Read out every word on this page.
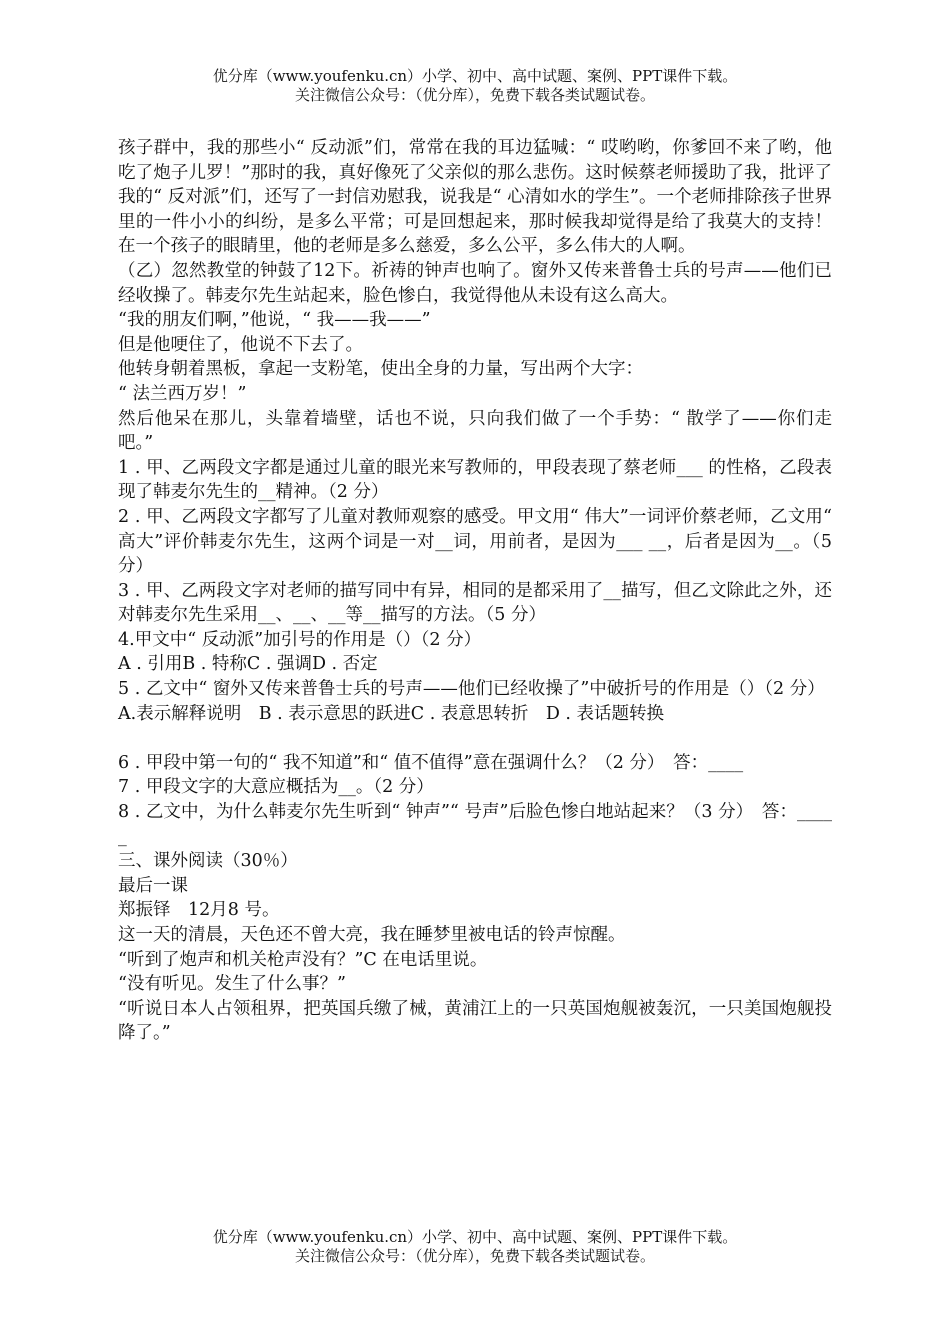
优分库（www.youfenku.cn）小学、初中、高中试题、案例、PPT课件下载。
关注微信公众号：（优分库），免费下载各类试题试卷。

孩子群中，我的那些小“ 反动派”们，常常在我的耳边猛喊：“ 哎哟哟，你爹回不来了哟，他吃了炮子儿罗！”那时的我，真好像死了父亲似的那么悲伤。这时候蔡老师援助了我，批评了我的“ 反对派”们，还写了一封信劝慰我，说我是“ 心清如水的学生”。一个老师排除孩子世界里的一件小小的纠纷，是多么平常；可是回想起来，那时候我却觉得是给了我莫大的支持！在一个孩子的眼睛里，他的老师是多么慈爱，多么公平，多么伟大的人啊。

（乙）忽然教堂的钟鼓了12下。祈祷的钟声也响了。窗外又传来普鲁士兵的号声——他们已经收操了。韩麦尔先生站起来，脸色惨白，我觉得他从未设有这么高大。

“我的朋友们啊，”他说，“ 我——我——”

但是他哽住了，他说不下去了。

他转身朝着黑板，拿起一支粉笔，使出全身的力量，写出两个大字：

“ 法兰西万岁！”

然后他呆在那儿，头靠着墙壁，话也不说，只向我们做了一个手势：“ 散学了——你们走吧。”

1 . 甲、乙两段文字都是通过儿童的眼光来写教师的，甲段表现了蔡老师___ 的性格，乙段表现了韩麦尔先生的__精神。（2 分）

2 . 甲、乙两段文字都写了儿童对教师观察的感受。甲文用“ 伟大”一词评价蔡老师，乙文用“ 高大”评价韩麦尔先生，这两个词是一对__词，用前者，是因为___ __，后者是因为__。（5 分）

3 . 甲、乙两段文字对老师的描写同中有异，相同的是都采用了__描写，但乙文除此之外，还对韩麦尔先生采用__、__、__等__描写的方法。（5 分）

4.甲文中“ 反动派”加引号的作用是（）（2 分）

A . 引用B . 特称C . 强调D . 否定

5 . 乙文中“ 窗外又传来普鲁士兵的号声——他们已经收操了”中破折号的作用是（）（2 分）

A.表示解释说明　B . 表示意思的跃进C . 表意思转折　D . 表话题转换

6 . 甲段中第一句的“ 我不知道”和“ 值不值得”意在强调什么？（2 分）　答：____

7 . 甲段文字的大意应概括为__。（2 分）

8 . 乙文中，为什么韩麦尔先生听到“ 钟声”“ 号声”后脸色惨白地站起来？（3 分）　答：_____

三、课外阅读（30％）

最后一课

郑振铎　12月8 号。

这一天的清晨，天色还不曾大亮，我在睡梦里被电话的铃声惊醒。

“听到了炮声和机关枪声没有？”C 在电话里说。

“没有听见。发生了什么事？”

“听说日本人占领租界，把英国兵缴了械，黄浦江上的一只英国炮舰被轰沉，一只美国炮舰投降了。”

优分库（www.youfenku.cn）小学、初中、高中试题、案例、PPT课件下载。
关注微信公众号：（优分库），免费下载各类试题试卷。
